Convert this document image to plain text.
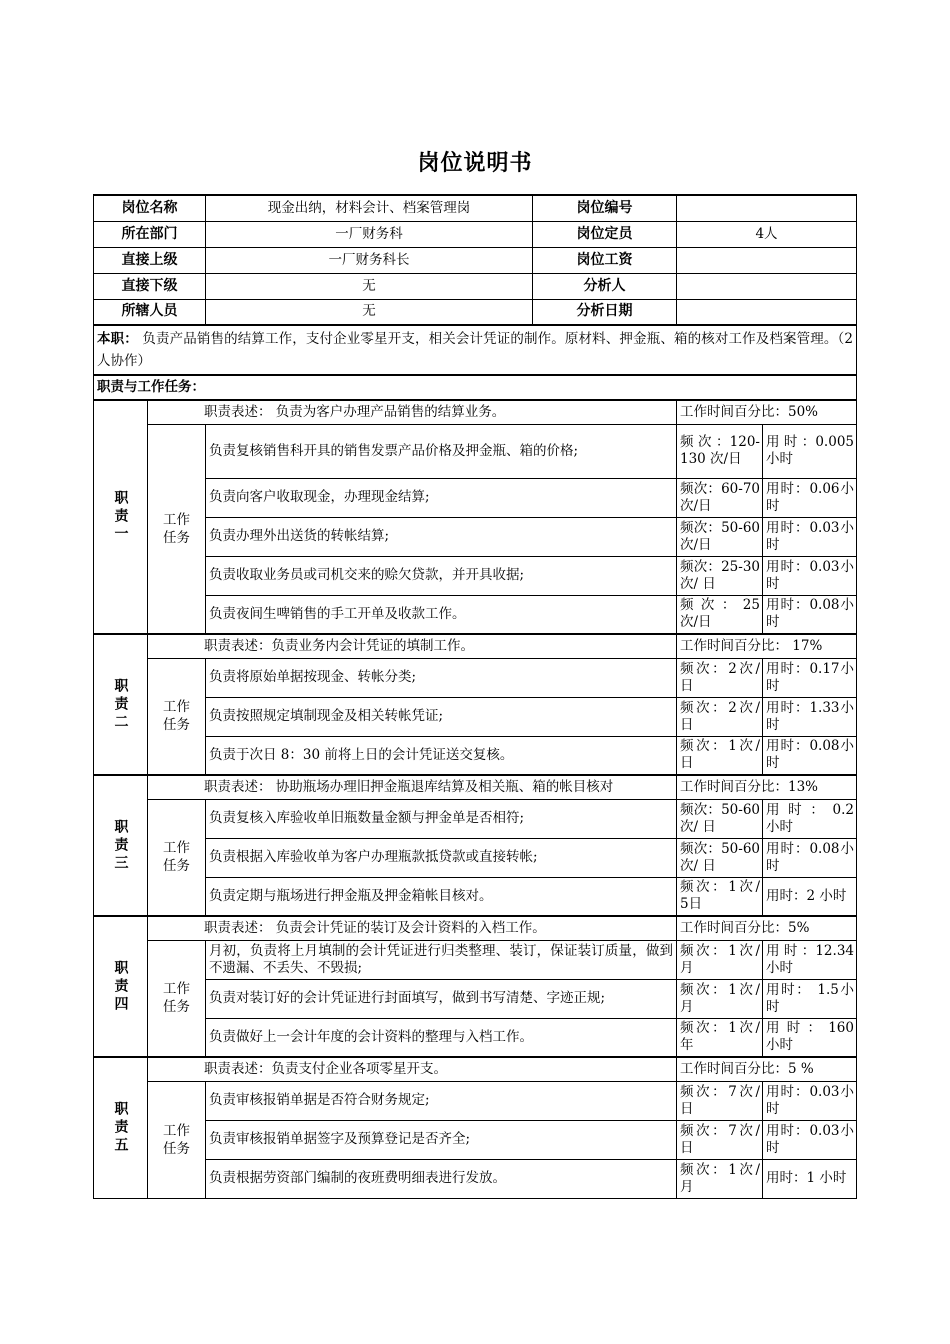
岗位说明书
岗位名称		现金出纳，材料会计、档案管理岗	岗位编号		
所在部门		一厂财务科	岗位定员	4人	
直接上级		一厂财务科长	岗位工资		
直接下级		无	分析人		
所辖人员		无	分析日期		
本职： 负责产品销售的结算工作，支付企业零星开支，相关会计凭证的制作。原材料、押金瓶、箱的核对工作及档案管理。（2人协作）					
职责与工作任务：					

职责一	职责表述： 负责为客户办理产品销售的结算业务。			工作时间百分比：50%	

	工作任务	负责复核销售科开具的销售发票产品价格及押金瓶、箱的价格;		频 次 ：120-130 次/日	用 时 ：0.005 小时
		负责向客户收取现金，办理现金结算;		频次：60-70次/日	用时：0.06小时
		负责办理外出送货的转帐结算;		频次：50-60次/日	用时：0.03小时
		负责收取业务员或司机交来的赊欠贷款，并开具收据;		频次：25-30次/ 日	用时：0.03小时
		负责夜间生啤销售的手工开单及收款工作。		频 次 ： 25次/日	用时：0.08小时

职责二	职责表述：负责业务内会计凭证的填制工作。			工作时间百分比： 17%	

	工作任务	负责将原始单据按现金、转帐分类;		频次：2次/ 日	用时：0.17小时
		负责按照规定填制现金及相关转帐凭证;		频次：2次/ 日	用时：1.33小时
		负责于次日 8：30 前将上日的会计凭证送交复核。		频次：1次/ 日	用时：0.08小时

职责三	职责表述： 协助瓶场办理旧押金瓶退库结算及相关瓶、箱的帐目核对			工作时间百分比：13%	

	工作任务	负责复核入库验收单旧瓶数量金额与押金单是否相符;		频次：50-60次/ 日	用 时 ： 0.2小时
		负责根据入库验收单为客户办理瓶款抵贷款或直接转帐;		频次：50-60次/ 日	用时：0.08小时
		负责定期与瓶场进行押金瓶及押金箱帐目核对。		频次：1次/ 5日	用时：2 小时

职责四	职责表述： 负责会计凭证的装订及会计资料的入档工作。			工作时间百分比：5%	

	工作任务	月初，负责将上月填制的会计凭证进行归类整理、装订，保证装订质量，做到不遗漏、不丢失、不毁损;		频次：1次/月	用 时 ：12.34小时
		负责对装订好的会计凭证进行封面填写，做到书写清楚、字迹正规;		频次：1次/月	用时： 1.5小时
		负责做好上一会计年度的会计资料的整理与入档工作。		频次：1次/年	用 时 ： 160小时

职责五	职责表述：负责支付企业各项零星开支。			工作时间百分比：5 %	

	工作任务	负责审核报销单据是否符合财务规定;		频次：7次/ 日	用时：0.03小时
		负责审核报销单据签字及预算登记是否齐全;		频次：7次/ 日	用时：0.03小时
		负责根据劳资部门编制的夜班费明细表进行发放。		频次：1次/ 月	用时：1 小时
